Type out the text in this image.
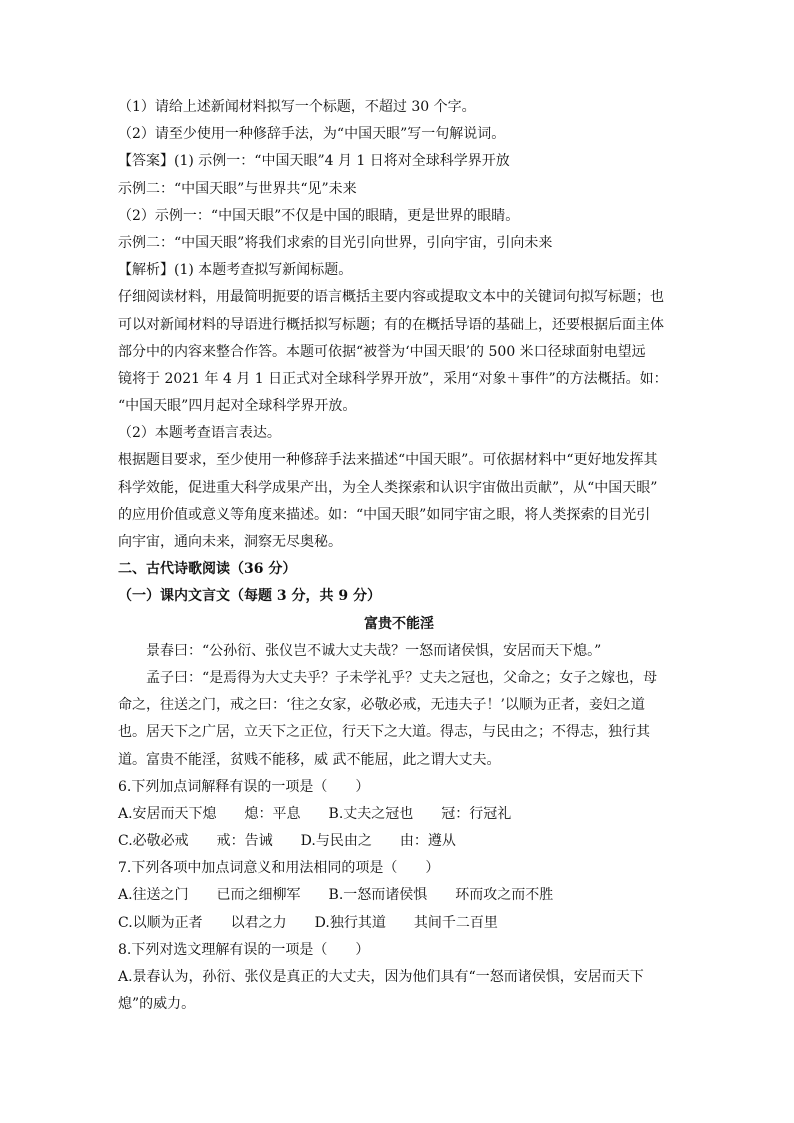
（1）请给上述新闻材料拟写一个标题，不超过 30 个字。
（2）请至少使用一种修辞手法，为“中国天眼”写一句解说词。
【答案】(1) 示例一：“中国天眼”4 月 1 日将对全球科学界开放
示例二：“中国天眼”与世界共“见”未来
（2）示例一：“中国天眼”不仅是中国的眼睛，更是世界的眼睛。
示例二：“中国天眼”将我们求索的目光引向世界，引向宇宙，引向未来
【解析】(1) 本题考查拟写新闻标题。
仔细阅读材料，用最简明扼要的语言概括主要内容或提取文本中的关键词句拟写标题；也
可以对新闻材料的导语进行概括拟写标题；有的在概括导语的基础上，还要根据后面主体
部分中的内容来整合作答。本题可依据“被誉为‘中国天眼’的 500 米口径球面射电望远
镜将于 2021 年 4 月 1 日正式对全球科学界开放”，采用“对象＋事件”的方法概括。如：
“中国天眼”四月起对全球科学界开放。
（2）本题考查语言表达。
根据题目要求，至少使用一种修辞手法来描述“中国天眼”。可依据材料中“更好地发挥其
科学效能，促进重大科学成果产出，为全人类探索和认识宇宙做出贡献”，从“中国天眼”
的应用价值或意义等角度来描述。如：“中国天眼”如同宇宙之眼，将人类探索的目光引
向宇宙，通向未来，洞察无尽奥秘。
二、古代诗歌阅读（36 分）
（一）课内文言文（每题 3 分，共 9 分）
富贵不能淫
景春曰：“公孙衍、张仪岂不诚大丈夫哉？一怒而诸侯惧，安居而天下熄。”
孟子曰：“是焉得为大丈夫乎？子未学礼乎？丈夫之冠也，父命之；女子之嫁也，母
命之，往送之门，戒之曰：‘往之女家，必敬必戒，无违夫子！’以顺为正者，妾妇之道
也。居天下之广居，立天下之正位，行天下之大道。得志，与民由之；不得志，独行其
道。富贵不能淫，贫贱不能移，威 武不能屈，此之谓大丈夫。
6.下列加点词解释有误的一项是（　　）
A.安居而天下熄　　熄：平息　　B.丈夫之冠也　　冠：行冠礼
C.必敬必戒　　戒：告诫　　D.与民由之　　由：遵从
7.下列各项中加点词意义和用法相同的项是（　　）
A.往送之门　　已而之细柳军　　B.一怒而诸侯惧　　环而攻之而不胜
C.以顺为正者　　以君之力　　D.独行其道　　其间千二百里
8.下列对选文理解有误的一项是（　　）
A.景春认为，孙衍、张仪是真正的大丈夫，因为他们具有“一怒而诸侯惧，安居而天下
熄”的威力。
